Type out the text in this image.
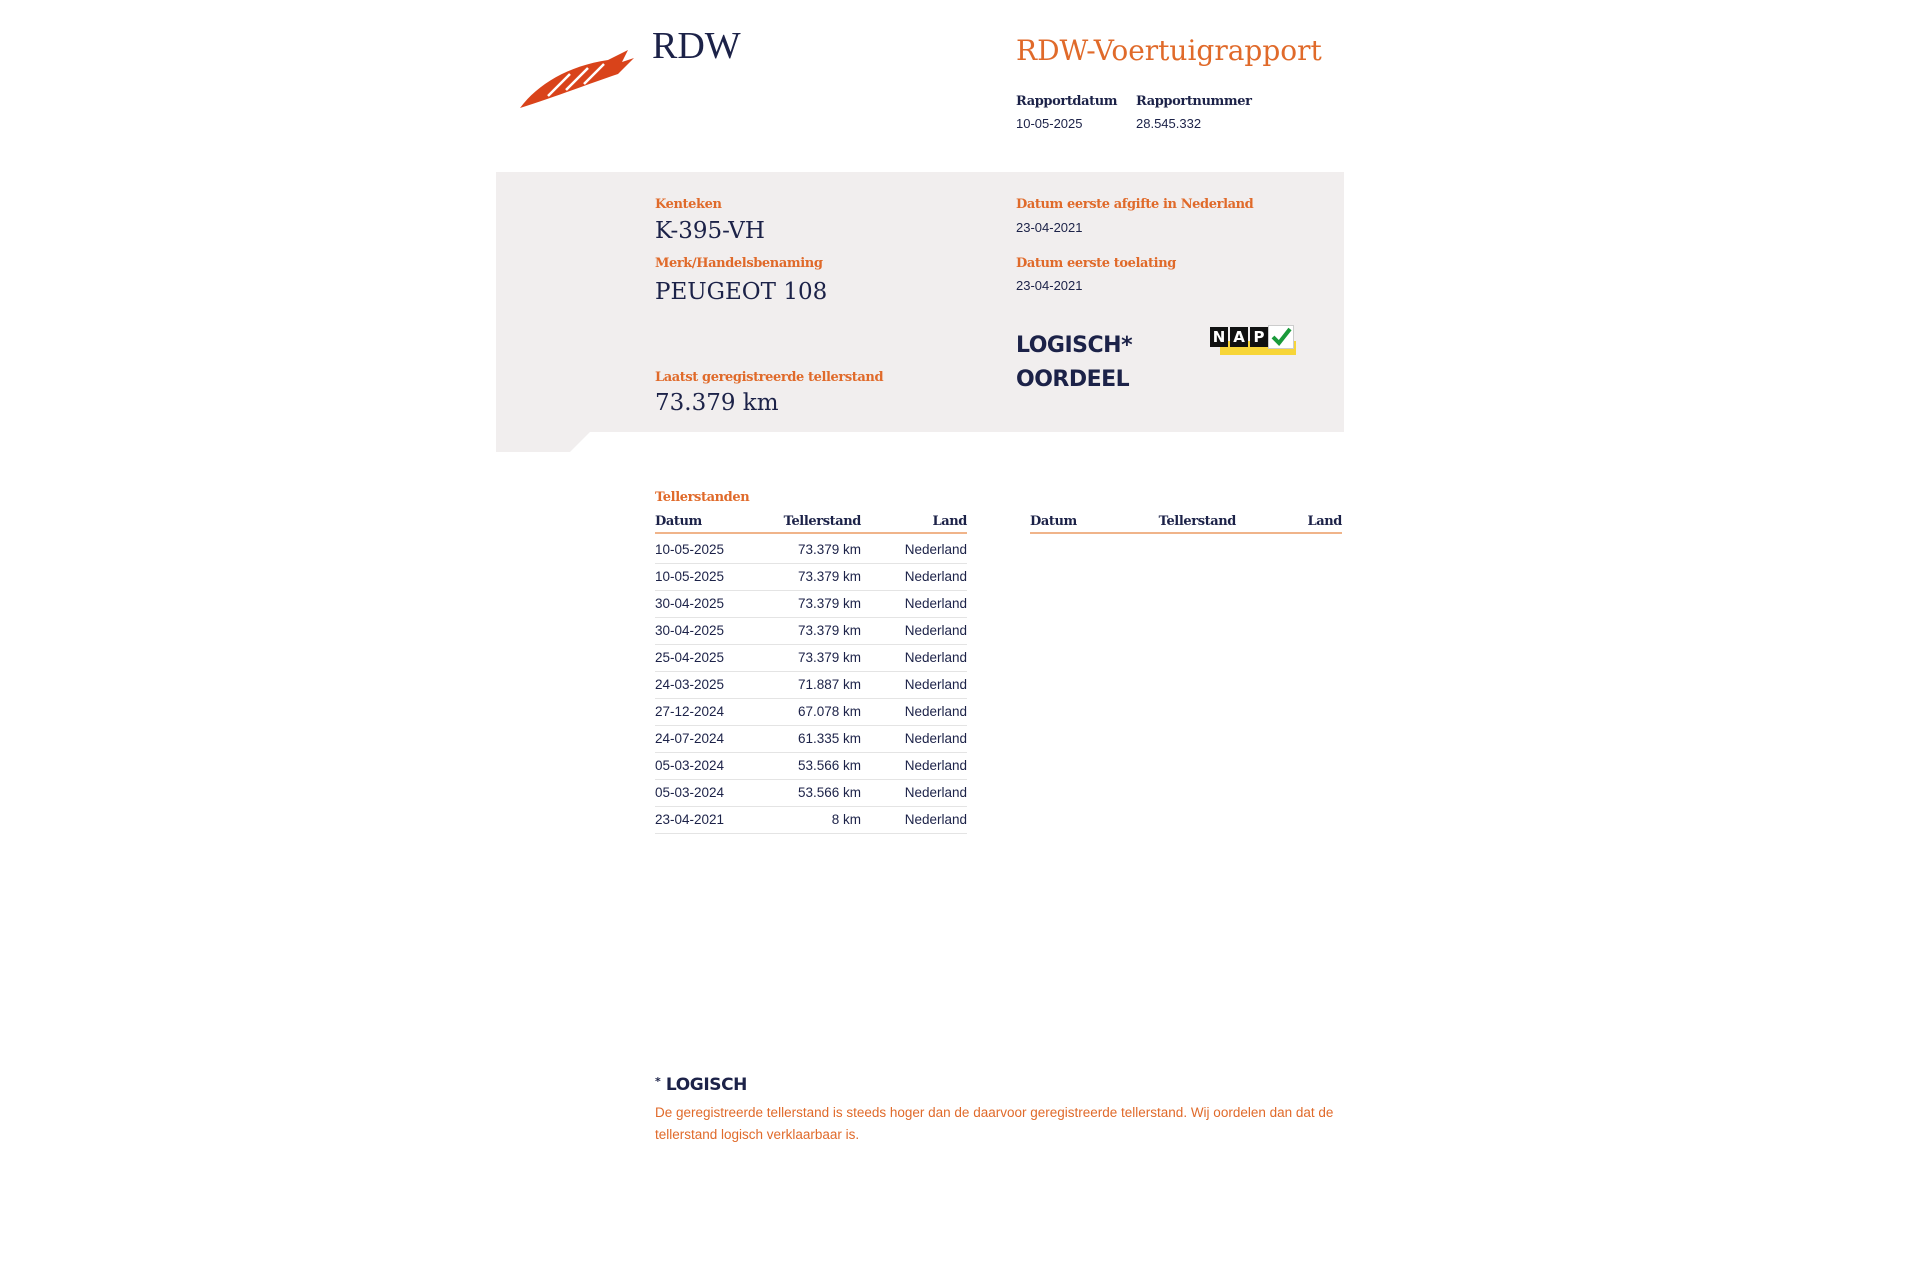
RDW	RDW-Voertuigrapport
Rapportdatum
10-05-2025
Rapportnummer
28.545.332
Kenteken
K-395-VH
Merk/Handelsbenaming
PEUGEOT 108
Laatst geregistreerde tellerstand
73.379 km
Datum eerste afgifte in Nederland
23-04-2021
Datum eerste toelating
23-04-2021
LOGISCH*
OORDEEL
N A P
Tellerstanden
Datum	Tellerstand	Land	Datum	Tellerstand	Land
10-05-2025	73.379 km	Nederland
10-05-2025	73.379 km	Nederland
30-04-2025	73.379 km	Nederland
30-04-2025	73.379 km	Nederland
25-04-2025	73.379 km	Nederland
24-03-2025	71.887 km	Nederland
27-12-2024	67.078 km	Nederland
24-07-2024	61.335 km	Nederland
05-03-2024	53.566 km	Nederland
05-03-2024	53.566 km	Nederland
23-04-2021	8 km	Nederland
* LOGISCH
De geregistreerde tellerstand is steeds hoger dan de daarvoor geregistreerde tellerstand. Wij oordelen dan dat de tellerstand logisch verklaarbaar is.
